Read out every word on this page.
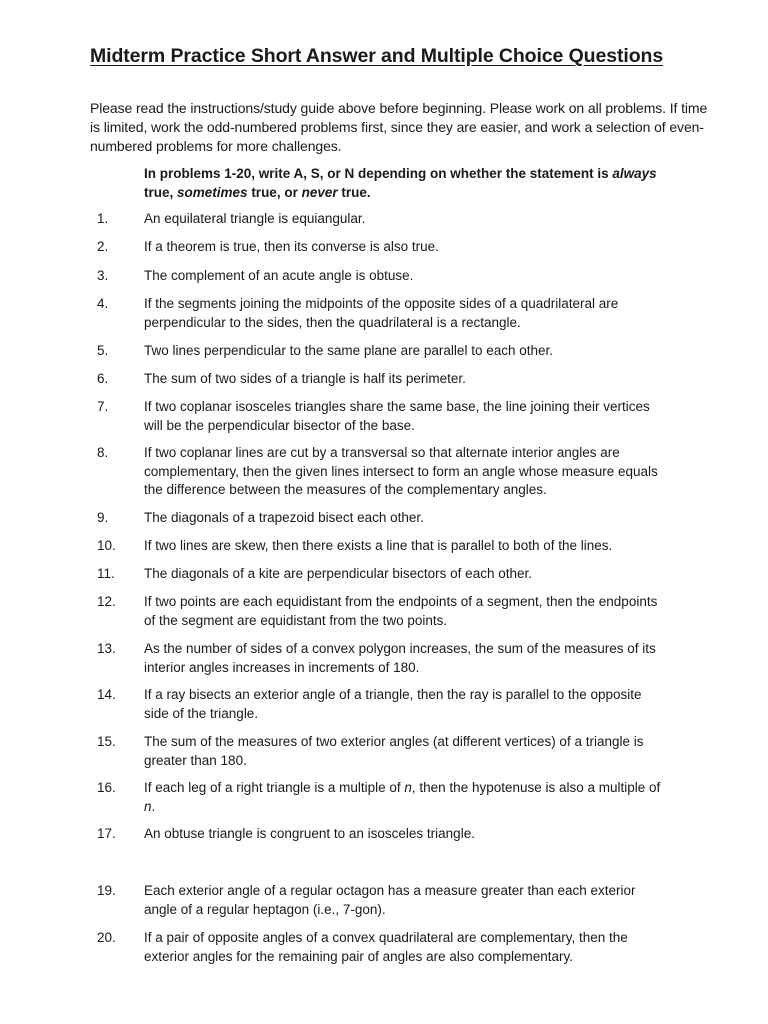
Midterm Practice Short Answer and Multiple Choice Questions
Please read the instructions/study guide above before beginning. Please work on all problems. If time is limited, work the odd-numbered problems first, since they are easier, and work a selection of even-numbered problems for more challenges.
In problems 1-20, write A, S, or N depending on whether the statement is always true, sometimes true, or never true.
1.	An equilateral triangle is equiangular.
2.	If a theorem is true, then its converse is also true.
3.	The complement of an acute angle is obtuse.
4.	If the segments joining the midpoints of the opposite sides of a quadrilateral are perpendicular to the sides, then the quadrilateral is a rectangle.
5.	Two lines perpendicular to the same plane are parallel to each other.
6.	The sum of two sides of a triangle is half its perimeter.
7.	If two coplanar isosceles triangles share the same base, the line joining their vertices will be the perpendicular bisector of the base.
8.	If two coplanar lines are cut by a transversal so that alternate interior angles are complementary, then the given lines intersect to form an angle whose measure equals the difference between the measures of the complementary angles.
9.	The diagonals of a trapezoid bisect each other.
10. If two lines are skew, then there exists a line that is parallel to both of the lines.
11. The diagonals of a kite are perpendicular bisectors of each other.
12. If two points are each equidistant from the endpoints of a segment, then the endpoints of the segment are equidistant from the two points.
13. As the number of sides of a convex polygon increases, the sum of the measures of its interior angles increases in increments of 180.
14. If a ray bisects an exterior angle of a triangle, then the ray is parallel to the opposite side of the triangle.
15. The sum of the measures of two exterior angles (at different vertices) of a triangle is greater than 180.
16. If each leg of a right triangle is a multiple of n, then the hypotenuse is also a multiple of n.
17. An obtuse triangle is congruent to an isosceles triangle.
19. Each exterior angle of a regular octagon has a measure greater than each exterior angle of a regular heptagon (i.e., 7-gon).
20. If a pair of opposite angles of a convex quadrilateral are complementary, then the exterior angles for the remaining pair of angles are also complementary.
